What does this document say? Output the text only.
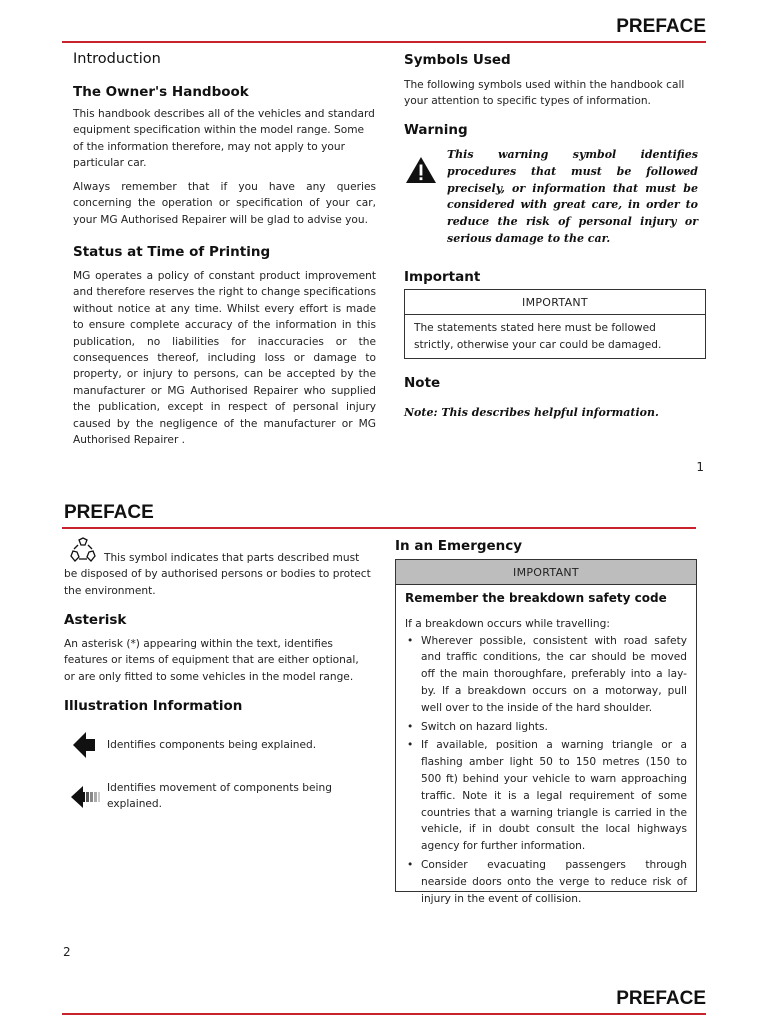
PREFACE
Introduction
The Owner's Handbook
This handbook describes all of the vehicles and standard equipment specification within the model range. Some of the information therefore, may not apply to your particular car.
Always remember that if you have any queries concerning the operation or specification of your car, your MG Authorised Repairer will be glad to advise you.
Status at Time of Printing
MG operates a policy of constant product improvement and therefore reserves the right to change specifications without notice at any time. Whilst every effort is made to ensure complete accuracy of the information in this publication, no liabilities for inaccuracies or the consequences thereof, including loss or damage to property, or injury to persons, can be accepted by the manufacturer or MG Authorised Repairer who supplied the publication, except in respect of personal injury caused by the negligence of the manufacturer or MG Authorised Repairer .
Symbols Used
The following symbols used within the handbook call your attention to specific types of information.
Warning
This warning symbol identifies procedures that must be followed precisely, or information that must be considered with great care, in order to reduce the risk of personal injury or serious damage to the car.
Important
IMPORTANT
The statements stated here must be followed strictly, otherwise your car could be damaged.
Note
Note: This describes helpful information.
1
PREFACE
This symbol indicates that parts described must be disposed of by authorised persons or bodies to protect the environment.
Asterisk
An asterisk (*) appearing within the text, identifies features or items of equipment that are either optional, or are only fitted to some vehicles in the model range.
Illustration Information
Identifies components being explained.
Identifies movement of components being explained.
In an Emergency
IMPORTANT
Remember the breakdown safety code
If a breakdown occurs while travelling:
• Wherever possible, consistent with road safety and traffic conditions, the car should be moved off the main thoroughfare, preferably into a lay-by. If a breakdown occurs on a motorway, pull well over to the inside of the hard shoulder.
• Switch on hazard lights.
• If available, position a warning triangle or a flashing amber light 50 to 150 metres (150 to 500 ft) behind your vehicle to warn approaching traffic. Note it is a legal requirement of some countries that a warning triangle is carried in the vehicle, if in doubt consult the local highways agency for further information.
• Consider evacuating passengers through nearside doors onto the verge to reduce risk of injury in the event of collision.
2
PREFACE
